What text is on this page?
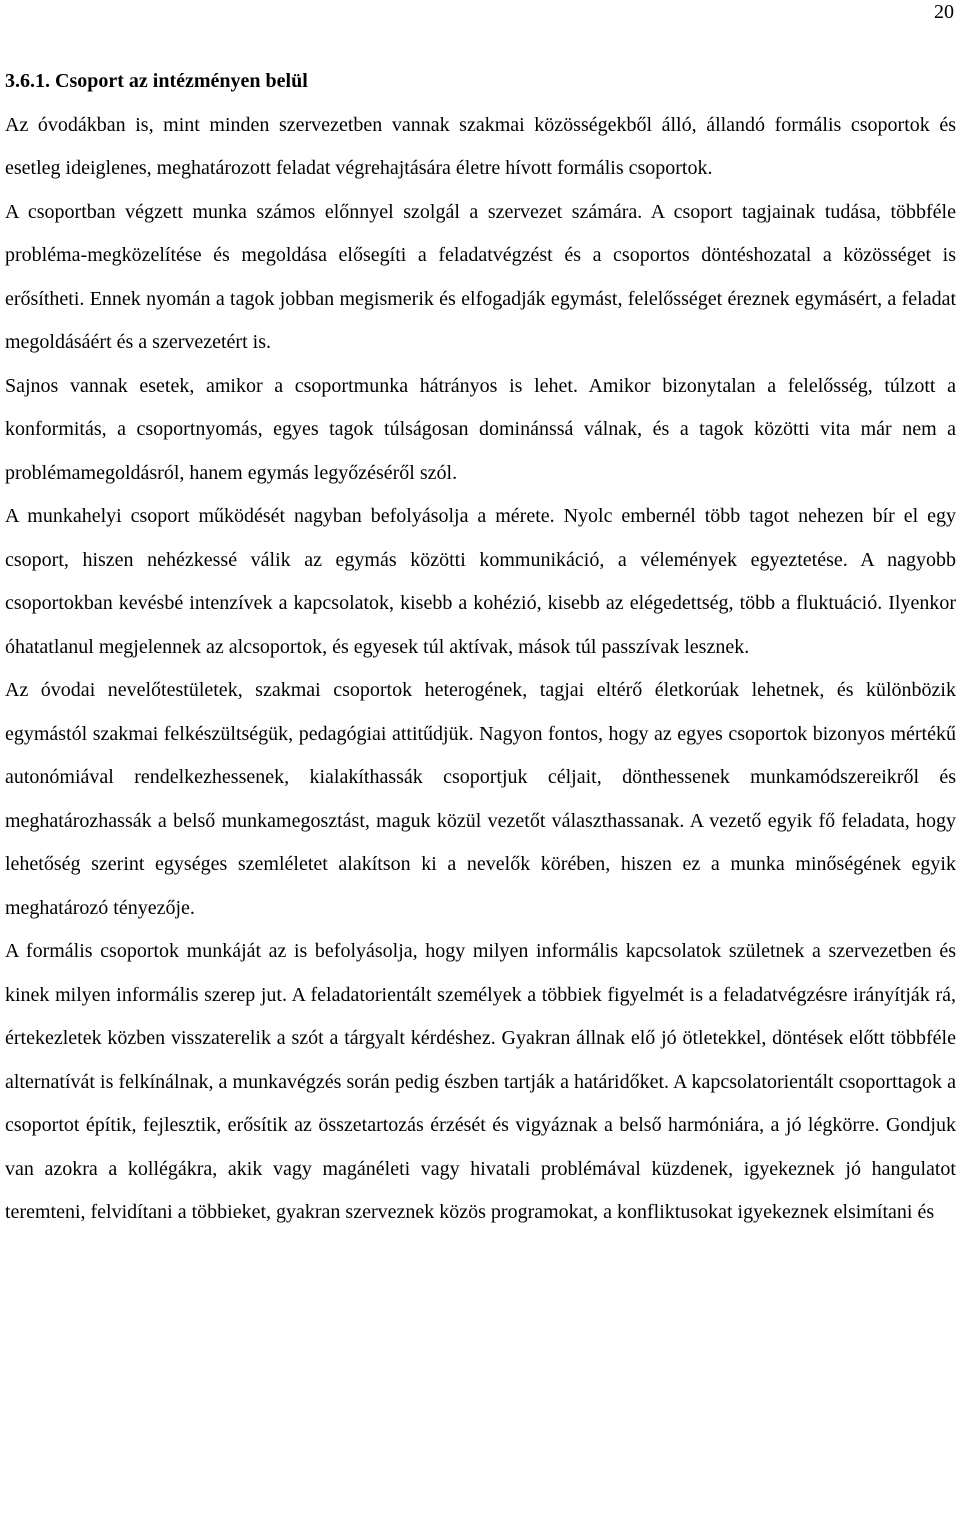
20
3.6.1. Csoport az intézményen belül

Az óvodákban is, mint minden szervezetben vannak szakmai közösségekből álló, állandó formális csoportok és esetleg ideiglenes, meghatározott feladat végrehajtására életre hívott formális csoportok.

A csoportban végzett munka számos előnnyel szolgál a szervezet számára. A csoport tagjainak tudása, többféle probléma-megközelítése és megoldása elősegíti a feladatvégzést és a csoportos döntéshozatal a közösséget is erősítheti. Ennek nyomán a tagok jobban megismerik és elfogadják egymást, felelősséget éreznek egymásért, a feladat megoldásáért és a szervezetért is.

Sajnos vannak esetek, amikor a csoportmunka hátrányos is lehet. Amikor bizonytalan a felelősség, túlzott a konformitás, a csoportnyomás, egyes tagok túlságosan dominánssá válnak, és a tagok közötti vita már nem a problémamegoldásról, hanem egymás legyőzéséről szól.

A munkahelyi csoport működését nagyban befolyásolja a mérete. Nyolc embernél több tagot nehezen bír el egy csoport, hiszen nehézkessé válik az egymás közötti kommunikáció, a vélemények egyeztetése. A nagyobb csoportokban kevésbé intenzívek a kapcsolatok, kisebb a kohézió, kisebb az elégedettség, több a fluktuáció. Ilyenkor óhatatlanul megjelennek az alcsoportok, és egyesek túl aktívak, mások túl passzívak lesznek.

Az óvodai nevelőtestületek, szakmai csoportok heterogének, tagjai eltérő életkorúak lehetnek, és különbözik egymástól szakmai felkészültségük, pedagógiai attitűdjük. Nagyon fontos, hogy az egyes csoportok bizonyos mértékű autonómiával rendelkezhessenek, kialakíthassák csoportjuk céljait, dönthessenek munkamódszereikről és meghatározhassák a belső munkamegosztást, maguk közül vezetőt választhassanak. A vezető egyik fő feladata, hogy lehetőség szerint egységes szemléletet alakítson ki a nevelők körében, hiszen ez a munka minőségének egyik meghatározó tényezője.

A formális csoportok munkáját az is befolyásolja, hogy milyen informális kapcsolatok születnek a szervezetben és kinek milyen informális szerep jut. A feladatorientált személyek a többiek figyelmét is a feladatvégzésre irányítják rá, értekezletek közben visszaterelik a szót a tárgyalt kérdéshez. Gyakran állnak elő jó ötletekkel, döntések előtt többféle alternatívát is felkínálnak, a munkavégzés során pedig észben tartják a határidőket. A kapcsolatorientált csoporttagok a csoportot építik, fejlesztik, erősítik az összetartozás érzését és vigyáznak a belső harmóniára, a jó légkörre. Gondjuk van azokra a kollégákra, akik vagy magánéleti vagy hivatali problémával küzdenek, igyekeznek jó hangulatot teremteni, felvidítani a többieket, gyakran szerveznek közös programokat, a konfliktusokat igyekeznek elsimítani és
